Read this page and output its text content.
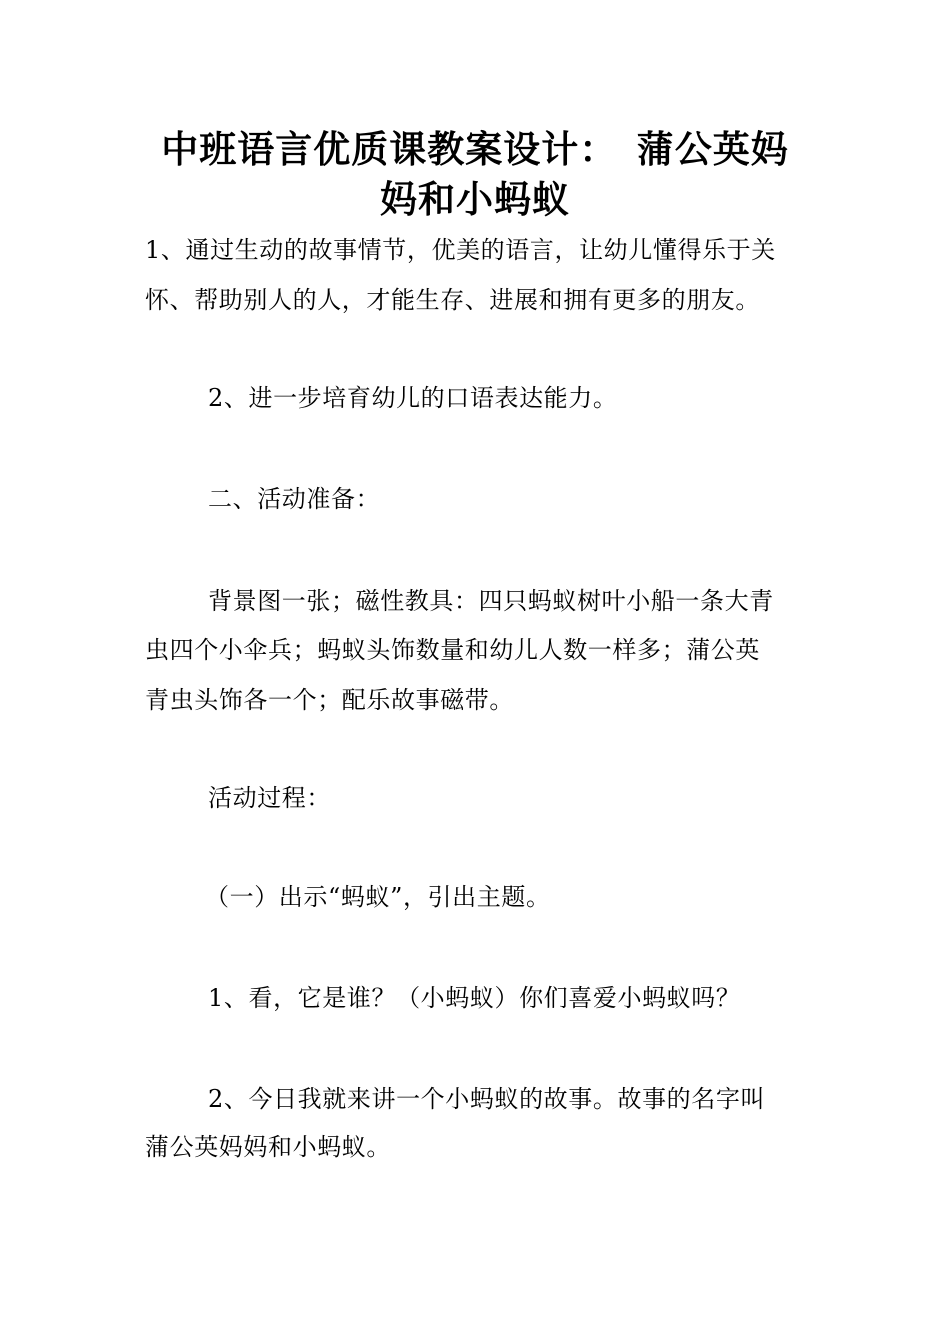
中班语言优质课教案设计：　蒲公英妈
妈和小蚂蚁

1、通过生动的故事情节，优美的语言，让幼儿懂得乐于关

怀、帮助别人的人，才能生存、进展和拥有更多的朋友。

2、进一步培育幼儿的口语表达能力。

二、活动准备：

背景图一张；磁性教具：四只蚂蚁树叶小船一条大青

虫四个小伞兵；蚂蚁头饰数量和幼儿人数一样多；蒲公英

青虫头饰各一个；配乐故事磁带。

活动过程：

（一）出示“蚂蚁”，引出主题。

1、看，它是谁？（小蚂蚁）你们喜爱小蚂蚁吗？

2、今日我就来讲一个小蚂蚁的故事。故事的名字叫

蒲公英妈妈和小蚂蚁。
